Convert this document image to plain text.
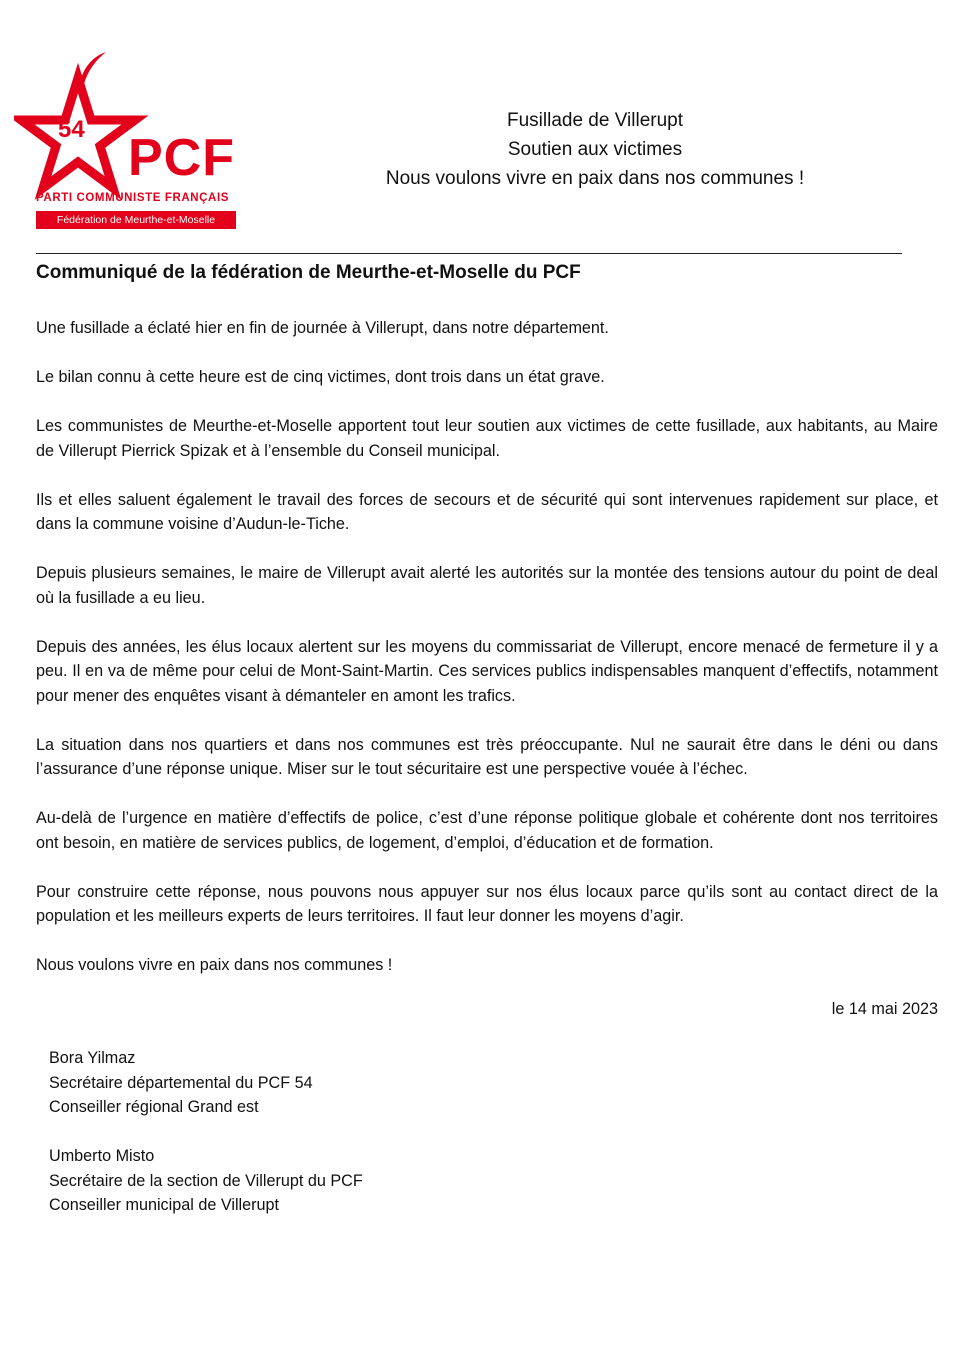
54 PCF
PARTI COMMUNISTE FRANÇAIS
Fédération de Meurthe-et-Moselle
Fusillade de Villerupt
Soutien aux victimes
Nous voulons vivre en paix dans nos communes !
Communiqué de la fédération de Meurthe-et-Moselle du PCF

Une fusillade a éclaté hier en fin de journée à Villerupt, dans notre département.

Le bilan connu à cette heure est de cinq victimes, dont trois dans un état grave.

Les communistes de Meurthe-et-Moselle apportent tout leur soutien aux victimes de cette fusillade, aux habitants, au Maire de Villerupt Pierrick Spizak et à l’ensemble du Conseil municipal.

Ils et elles saluent également le travail des forces de secours et de sécurité qui sont intervenues rapidement sur place, et dans la commune voisine d’Audun-le-Tiche.

Depuis plusieurs semaines, le maire de Villerupt avait alerté les autorités sur la montée des tensions autour du point de deal où la fusillade a eu lieu.

Depuis des années, les élus locaux alertent sur les moyens du commissariat de Villerupt, encore menacé de fermeture il y a peu. Il en va de même pour celui de Mont-Saint-Martin. Ces services publics indispensables manquent d’effectifs, notamment pour mener des enquêtes visant à démanteler en amont les trafics.

La situation dans nos quartiers et dans nos communes est très préoccupante. Nul ne saurait être dans le déni ou dans l’assurance d’une réponse unique. Miser sur le tout sécuritaire est une perspective vouée à l’échec.

Au-delà de l’urgence en matière d’effectifs de police, c’est d’une réponse politique globale et cohérente dont nos territoires ont besoin, en matière de services publics, de logement, d’emploi, d’éducation et de formation.

Pour construire cette réponse, nous pouvons nous appuyer sur nos élus locaux parce qu’ils sont au contact direct de la population et les meilleurs experts de leurs territoires. Il faut leur donner les moyens d’agir.

Nous voulons vivre en paix dans nos communes !

le 14 mai 2023
Bora Yilmaz
Secrétaire départemental du PCF 54
Conseiller régional Grand est
Umberto Misto
Secrétaire de la section de Villerupt du PCF
Conseiller municipal de Villerupt
